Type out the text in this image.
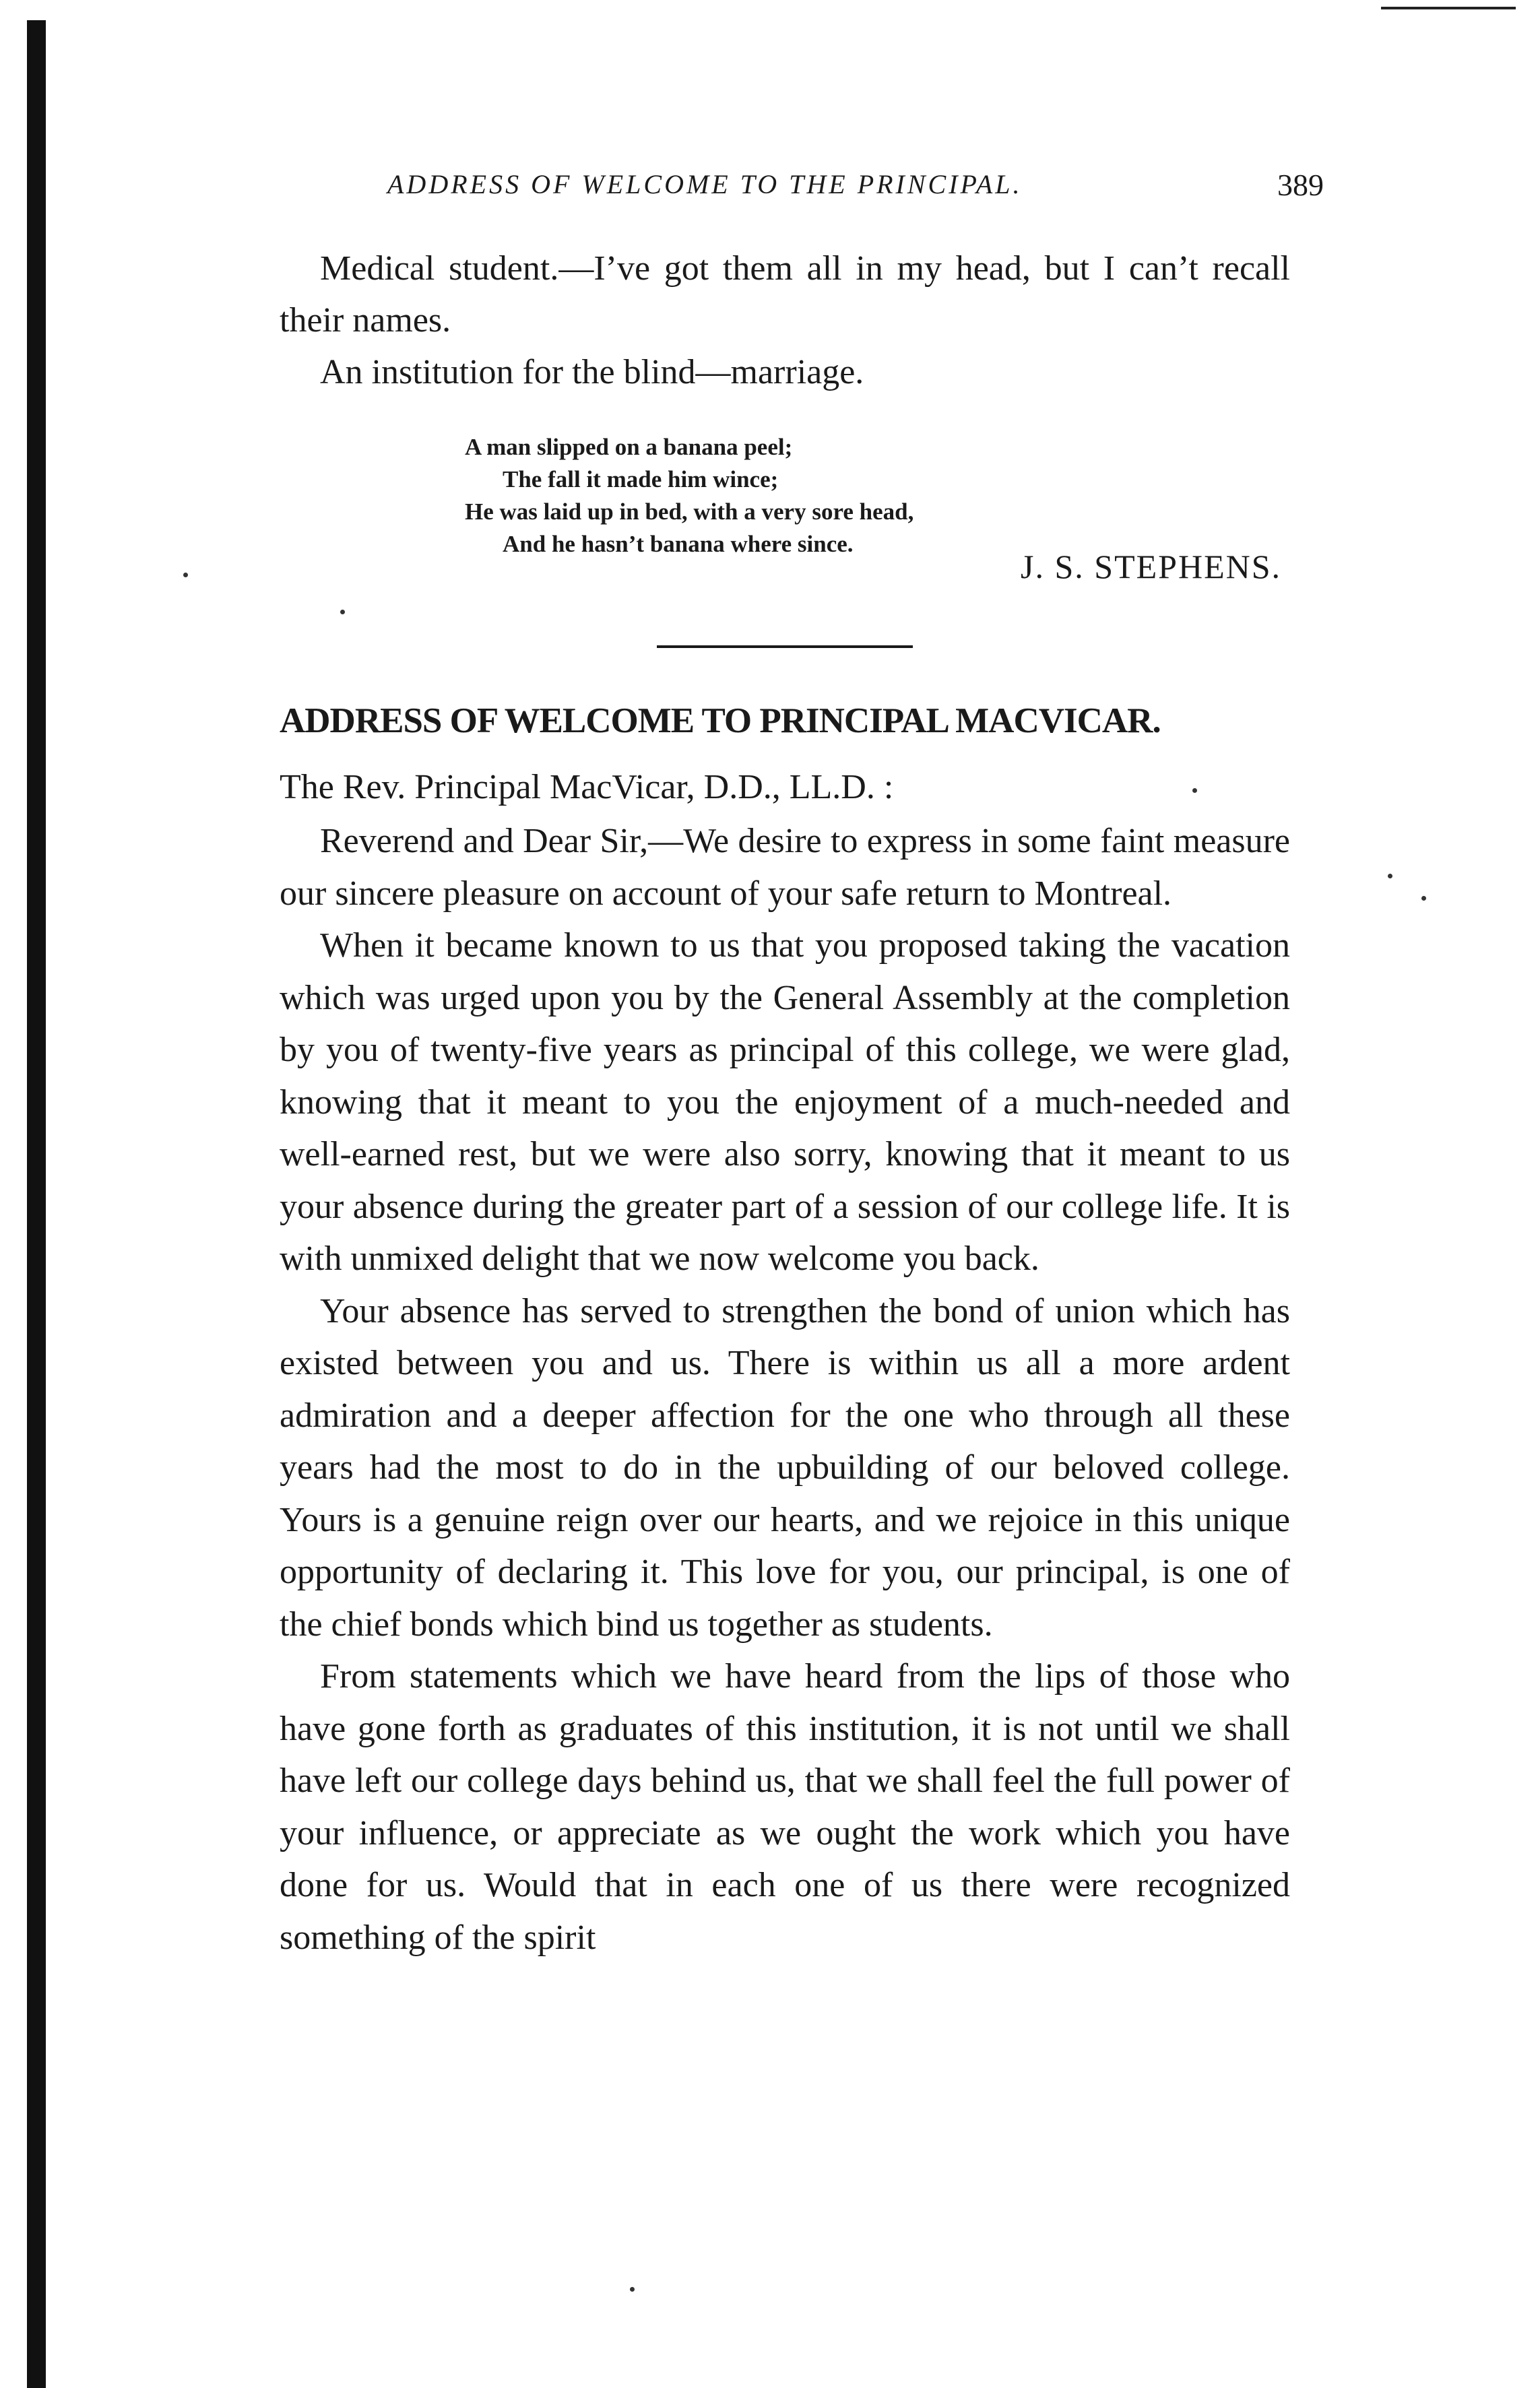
ADDRESS OF WELCOME TO THE PRINCIPAL.	389

Medical student.—I’ve got them all in my head, but I can’t recall their names.

An institution for the blind—marriage.

A man slipped on a banana peel;
The fall it made him wince;
He was laid up in bed, with a very sore head,
And he hasn’t banana where since.
J. S. STEPHENS.
ADDRESS OF WELCOME TO PRINCIPAL MACVICAR.
The Rev. Principal MacVicar, D.D., LL.D. :

Reverend and Dear Sir,—We desire to express in some faint measure our sincere pleasure on account of your safe return to Montreal.

When it became known to us that you proposed taking the vacation which was urged upon you by the General Assembly at the completion by you of twenty-five years as principal of this college, we were glad, knowing that it meant to you the enjoyment of a much-needed and well-earned rest, but we were also sorry, knowing that it meant to us your absence during the greater part of a session of our college life. It is with unmixed delight that we now welcome you back.

Your absence has served to strengthen the bond of union which has existed between you and us. There is within us all a more ardent admiration and a deeper affection for the one who through all these years had the most to do in the upbuilding of our beloved college. Yours is a genuine reign over our hearts, and we rejoice in this unique opportunity of declaring it. This love for you, our principal, is one of the chief bonds which bind us together as students.

From statements which we have heard from the lips of those who have gone forth as graduates of this institution, it is not until we shall have left our college days behind us, that we shall feel the full power of your influence, or appreciate as we ought the work which you have done for us. Would that in each one of us there were recognized something of the spirit
